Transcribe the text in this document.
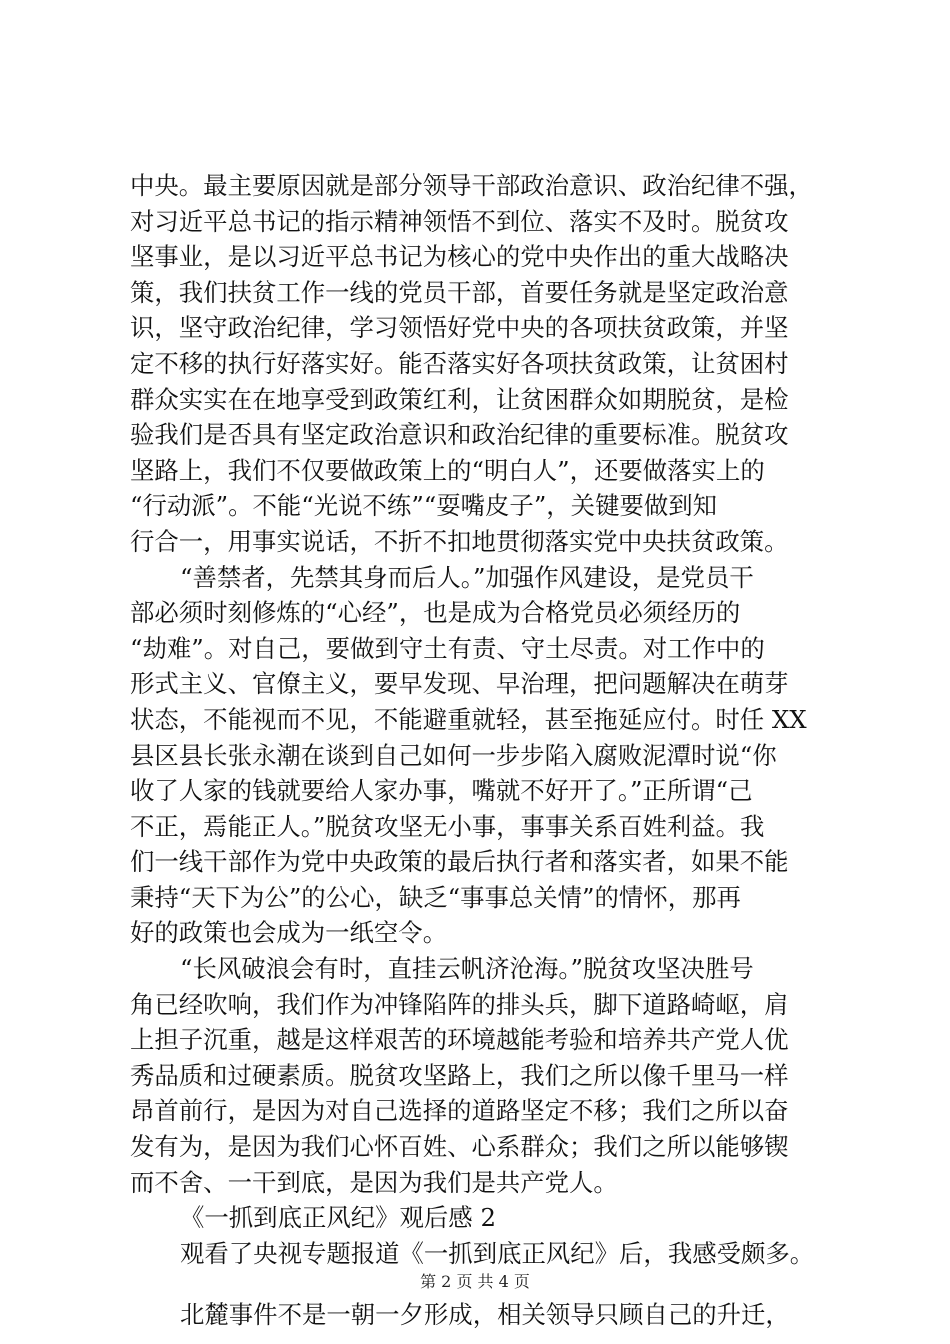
中央。最主要原因就是部分领导干部政治意识、政治纪律不强，
对习近平总书记的指示精神领悟不到位、落实不及时。脱贫攻
坚事业，是以习近平总书记为核心的党中央作出的重大战略决
策，我们扶贫工作一线的党员干部，首要任务就是坚定政治意
识，坚守政治纪律，学习领悟好党中央的各项扶贫政策，并坚
定不移的执行好落实好。能否落实好各项扶贫政策，让贫困村
群众实实在在地享受到政策红利，让贫困群众如期脱贫，是检
验我们是否具有坚定政治意识和政治纪律的重要标准。脱贫攻
坚路上，我们不仅要做政策上的“明白人”，还要做落实上的
“行动派”。不能“光说不练”“耍嘴皮子”，关键要做到知
行合一，用事实说话，不折不扣地贯彻落实党中央扶贫政策。
“善禁者，先禁其身而后人。”加强作风建设，是党员干
部必须时刻修炼的“心经”，也是成为合格党员必须经历的
“劫难”。对自己，要做到守土有责、守土尽责。对工作中的
形式主义、官僚主义，要早发现、早治理，把问题解决在萌芽
状态，不能视而不见，不能避重就轻，甚至拖延应付。时任 XX
县区县长张永潮在谈到自己如何一步步陷入腐败泥潭时说“你
收了人家的钱就要给人家办事，嘴就不好开了。”正所谓“己
不正，焉能正人。”脱贫攻坚无小事，事事关系百姓利益。我
们一线干部作为党中央政策的最后执行者和落实者，如果不能
秉持“天下为公”的公心，缺乏“事事总关情”的情怀，那再
好的政策也会成为一纸空令。
“长风破浪会有时，直挂云帆济沧海。”脱贫攻坚决胜号
角已经吹响，我们作为冲锋陷阵的排头兵，脚下道路崎岖，肩
上担子沉重，越是这样艰苦的环境越能考验和培养共产党人优
秀品质和过硬素质。脱贫攻坚路上，我们之所以像千里马一样
昂首前行，是因为对自己选择的道路坚定不移；我们之所以奋
发有为，是因为我们心怀百姓、心系群众；我们之所以能够锲
而不舍、一干到底，是因为我们是共产党人。
《一抓到底正风纪》观后感 2
观看了央视专题报道《一抓到底正风纪》后，我感受颇多。
北麓事件不是一朝一夕形成，相关领导只顾自己的升迁，
第 2 页 共 4 页
